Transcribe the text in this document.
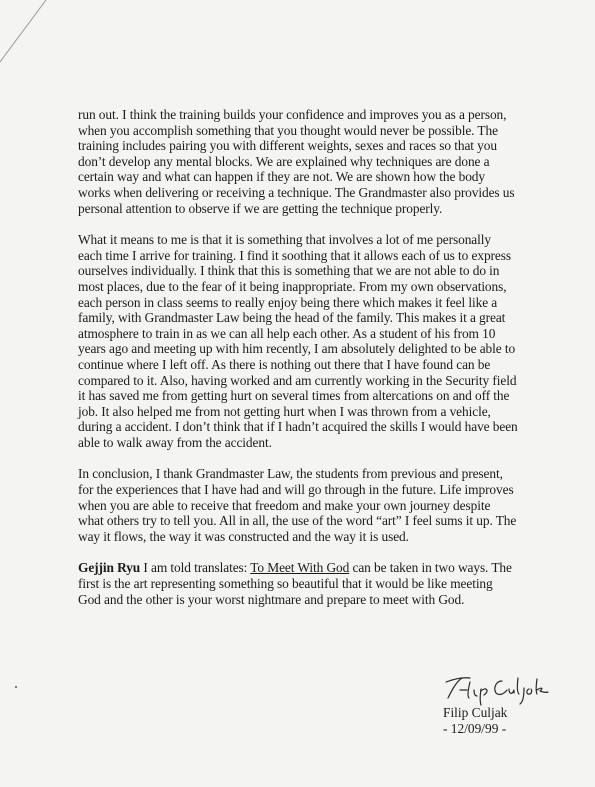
run out. I think the training builds your confidence and improves you as a person, when you accomplish something that you thought would never be possible. The training includes pairing you with different weights, sexes and races so that you don’t develop any mental blocks. We are explained why techniques are done a certain way and what can happen if they are not. We are shown how the body works when delivering or receiving a technique. The Grandmaster also provides us personal attention to observe if we are getting the technique properly.

What it means to me is that it is something that involves a lot of me personally each time I arrive for training. I find it soothing that it allows each of us to express ourselves individually. I think that this is something that we are not able to do in most places, due to the fear of it being inappropriate. From my own observations, each person in class seems to really enjoy being there which makes it feel like a family, with Grandmaster Law being the head of the family. This makes it a great atmosphere to train in as we can all help each other. As a student of his from 10 years ago and meeting up with him recently, I am absolutely delighted to be able to continue where I left off. As there is nothing out there that I have found can be compared to it. Also, having worked and am currently working in the Security field it has saved me from getting hurt on several times from altercations on and off the job. It also helped me from not getting hurt when I was thrown from a vehicle, during a accident. I don’t think that if I hadn’t acquired the skills I would have been able to walk away from the accident.

In conclusion, I thank Grandmaster Law, the students from previous and present, for the experiences that I have had and will go through in the future. Life improves when you are able to receive that freedom and make your own journey despite what others try to tell you. All in all, the use of the word “art” I feel sums it up. The way it flows, the way it was constructed and the way it is used.

Gejjin Ryu I am told translates: To Meet With God can be taken in two ways. The first is the art representing something so beautiful that it would be like meeting God and the other is your worst nightmare and prepare to meet with God.

Filip Culjak
- 12/09/99 -
